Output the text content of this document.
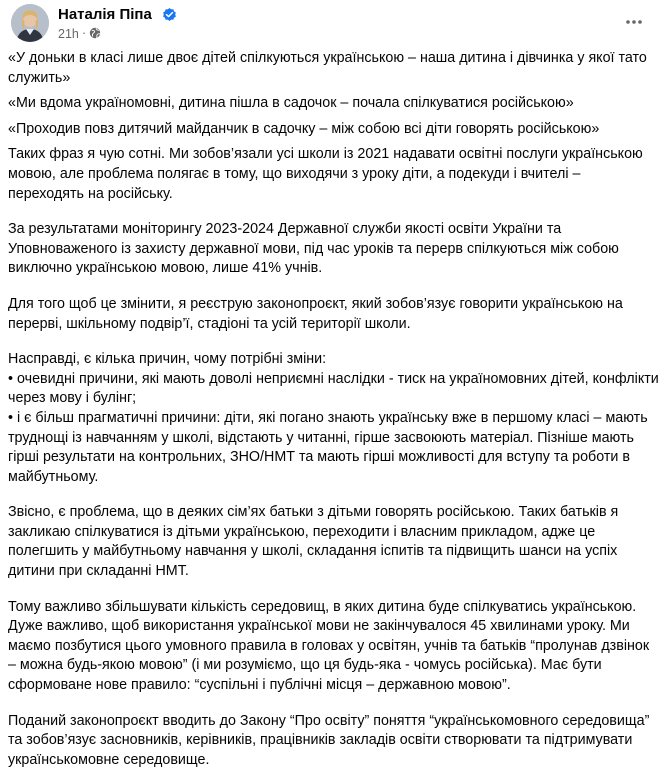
Наталія Піпа
21h ·

«У доньки в класі лише двоє дітей спілкуються українською – наша дитина і дівчинка у якої тато служить»

«Ми вдома україномовні, дитина пішла в садочок – почала спілкуватися російською»

«Проходив повз дитячий майданчик в садочку – між собою всі діти говорять російською»

Таких фраз я чую сотні. Ми зобов’язали усі школи із 2021 надавати освітні послуги українською мовою, але проблема полягає в тому, що виходячи з уроку діти, а подекуди і вчителі – переходять на російську.

За результатами моніторингу 2023-2024 Державної служби якості освіти України та Уповноваженого із захисту державної мови, під час уроків та перерв спілкуються між собою виключно українською мовою, лише 41% учнів.

Для того щоб це змінити, я реєструю законопроєкт, який зобов’язує говорити українською на перерві, шкільному подвір’ї, стадіоні та усій території школи.

Насправді, є кілька причин, чому потрібні зміни:
• очевидні причини, які мають доволі неприємні наслідки - тиск на україномовних дітей, конфлікти через мову і булінг;
• і є більш прагматичні причини: діти, які погано знають українську вже в першому класі – мають труднощі із навчанням у школі, відстають у читанні, гірше засвоюють матеріал. Пізніше мають гірші результати на контрольних, ЗНО/НМТ та мають гірші можливості для вступу та роботи в майбутньому.

Звісно, є проблема, що в деяких сім’ях батьки з дітьми говорять російською. Таких батьків я закликаю спілкуватися із дітьми українською, переходити і власним прикладом, адже це полегшить у майбутньому навчання у школі, складання іспитів та підвищить шанси на успіх дитини при складанні НМТ.

Тому важливо збільшувати кількість середовищ, в яких дитина буде спілкуватись українською. Дуже важливо, щоб використання української мови не закінчувалося 45 хвилинами уроку. Ми маємо позбутися цього умовного правила в головах у освітян, учнів та батьків “пролунав дзвінок – можна будь-якою мовою” (і ми розуміємо, що ця будь-яка - чомусь російська). Має бути сформоване нове правило: “суспільні і публічні місця – державною мовою”.

Поданий законопроєкт вводить до Закону “Про освіту” поняття “українськомовного середовища” та зобов’язує засновників, керівників, працівників закладів освіти створювати та підтримувати українськомовне середовище.
